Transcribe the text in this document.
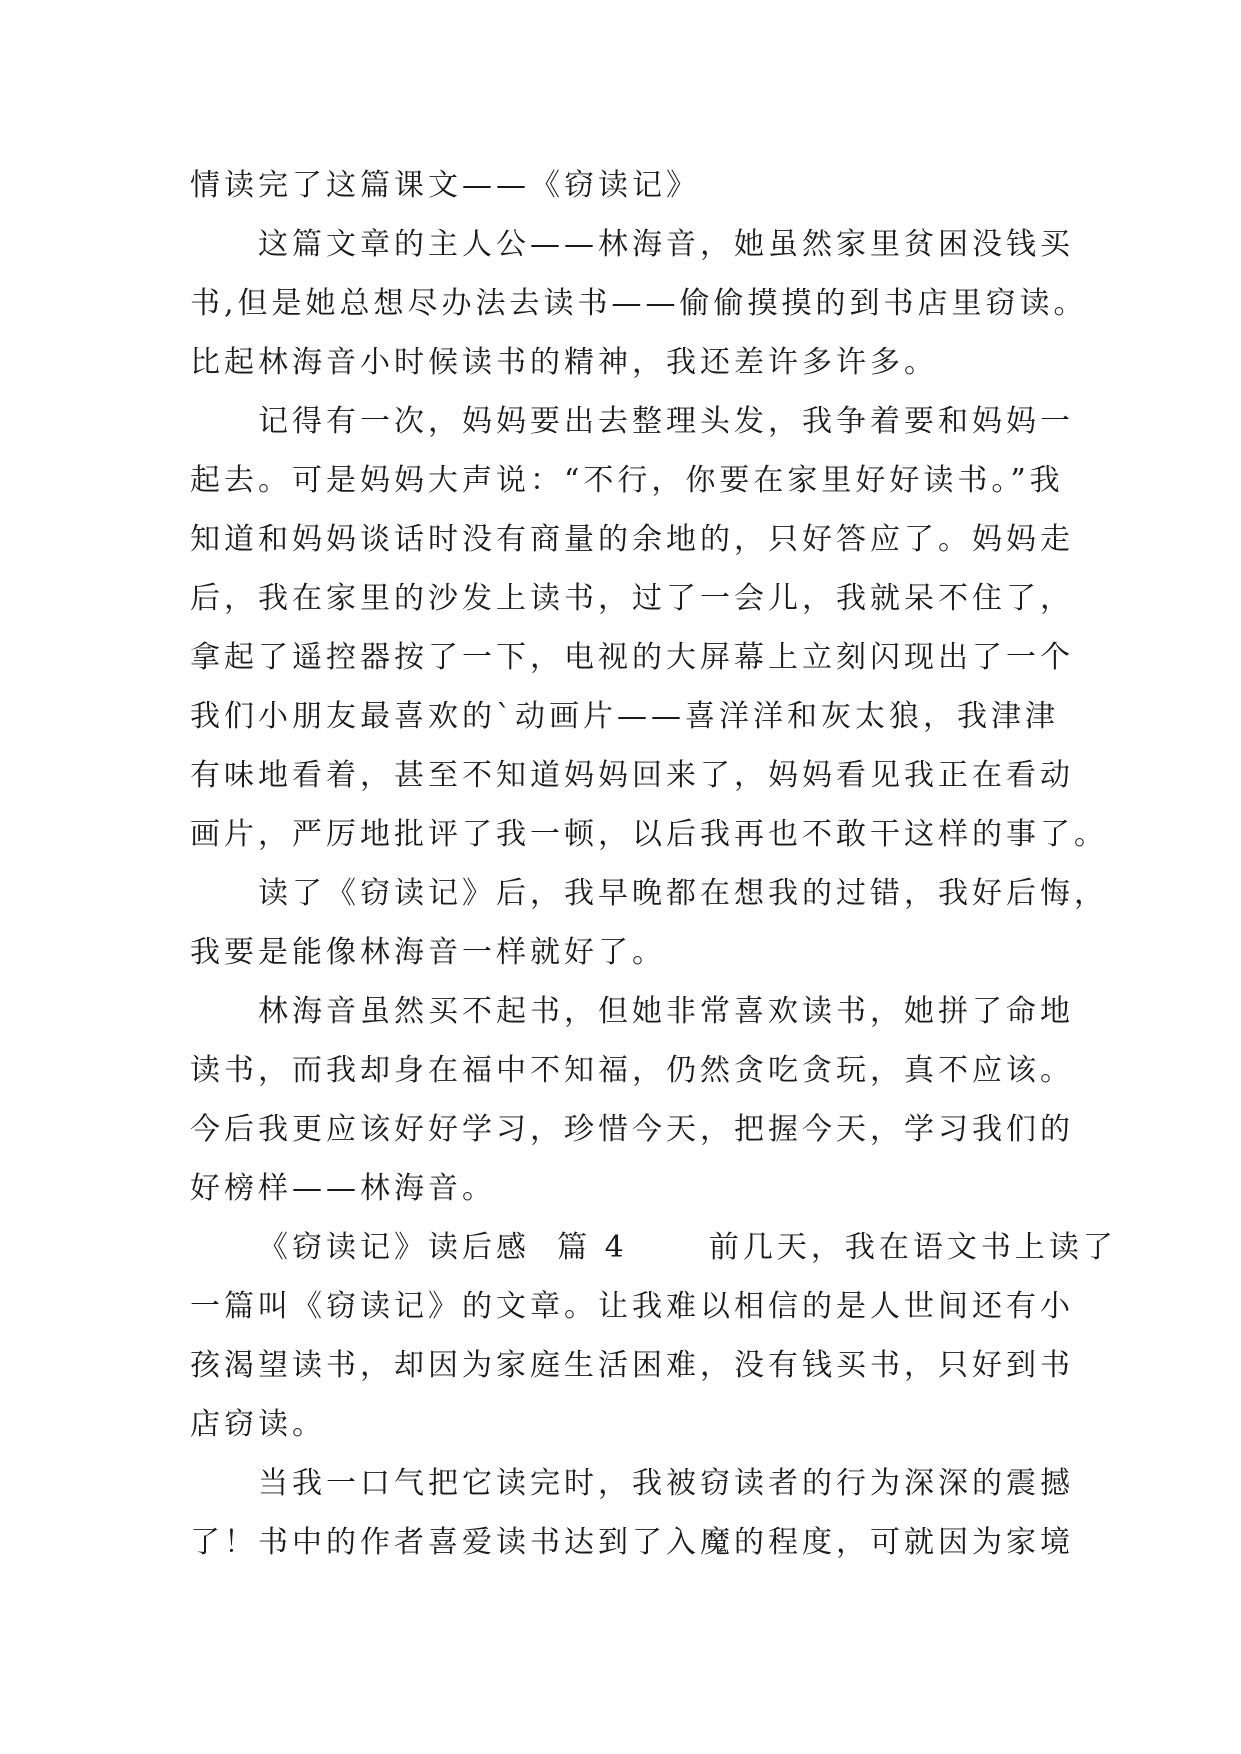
情读完了这篇课文——《窃读记》
这篇文章的主人公——林海音，她虽然家里贫困没钱买
书,但是她总想尽办法去读书——偷偷摸摸的到书店里窃读。
比起林海音小时候读书的精神，我还差许多许多。
记得有一次，妈妈要出去整理头发，我争着要和妈妈一
起去。可是妈妈大声说：“不行，你要在家里好好读书。”我
知道和妈妈谈话时没有商量的余地的，只好答应了。妈妈走
后，我在家里的沙发上读书，过了一会儿，我就呆不住了，
拿起了遥控器按了一下，电视的大屏幕上立刻闪现出了一个
我们小朋友最喜欢的`动画片——喜洋洋和灰太狼，我津津
有味地看着，甚至不知道妈妈回来了，妈妈看见我正在看动
画片，严厉地批评了我一顿，以后我再也不敢干这样的事了。
读了《窃读记》后，我早晚都在想我的过错，我好后悔，
我要是能像林海音一样就好了。
林海音虽然买不起书，但她非常喜欢读书，她拼了命地
读书，而我却身在福中不知福，仍然贪吃贪玩，真不应该。
今后我更应该好好学习，珍惜今天，把握今天，学习我们的
好榜样——林海音。
《窃读记》读后感  篇 4      前几天，我在语文书上读了
一篇叫《窃读记》的文章。让我难以相信的是人世间还有小
孩渴望读书，却因为家庭生活困难，没有钱买书，只好到书
店窃读。
当我一口气把它读完时，我被窃读者的行为深深的震撼
了！书中的作者喜爱读书达到了入魔的程度，可就因为家境
